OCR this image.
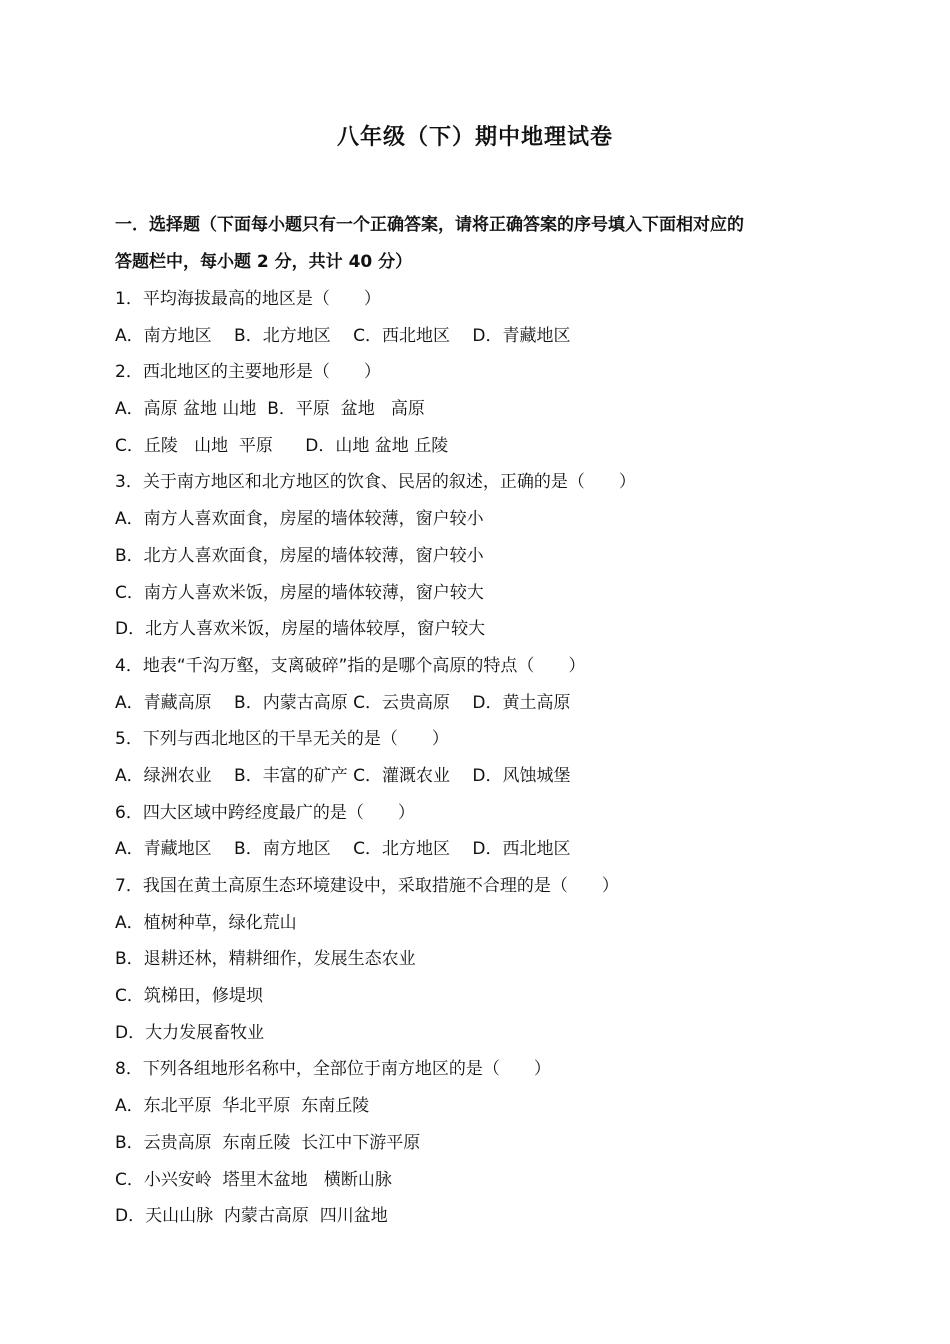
八年级（下）期中地理试卷
一．选择题（下面每小题只有一个正确答案，请将正确答案的序号填入下面相对应的
答题栏中，每小题 2 分，共计 40 分）
1．平均海拔最高的地区是（　　）
A．南方地区　 B．北方地区　 C．西北地区　 D．青藏地区
2．西北地区的主要地形是（　　）
A．高原 盆地 山地  B．平原  盆地   高原
C．丘陵   山地  平原      D．山地 盆地 丘陵
3．关于南方地区和北方地区的饮食、民居的叙述，正确的是（　　）
A．南方人喜欢面食，房屋的墙体较薄，窗户较小
B．北方人喜欢面食，房屋的墙体较薄，窗户较小
C．南方人喜欢米饭，房屋的墙体较薄，窗户较大
D．北方人喜欢米饭，房屋的墙体较厚，窗户较大
4．地表“千沟万壑，支离破碎”指的是哪个高原的特点（　　）
A．青藏高原　 B．内蒙古高原 C．云贵高原　 D．黄土高原
5．下列与西北地区的干旱无关的是（　　）
A．绿洲农业　 B．丰富的矿产 C．灌溉农业　 D．风蚀城堡
6．四大区域中跨经度最广的是（　　）
A．青藏地区　 B．南方地区　 C．北方地区　 D．西北地区
7．我国在黄土高原生态环境建设中，采取措施不合理的是（　　）
A．植树种草，绿化荒山
B．退耕还林，精耕细作，发展生态农业
C．筑梯田，修堤坝
D．大力发展畜牧业
8．下列各组地形名称中，全部位于南方地区的是（　　）
A．东北平原  华北平原  东南丘陵
B．云贵高原  东南丘陵  长江中下游平原
C．小兴安岭  塔里木盆地   横断山脉
D．天山山脉  内蒙古高原  四川盆地
